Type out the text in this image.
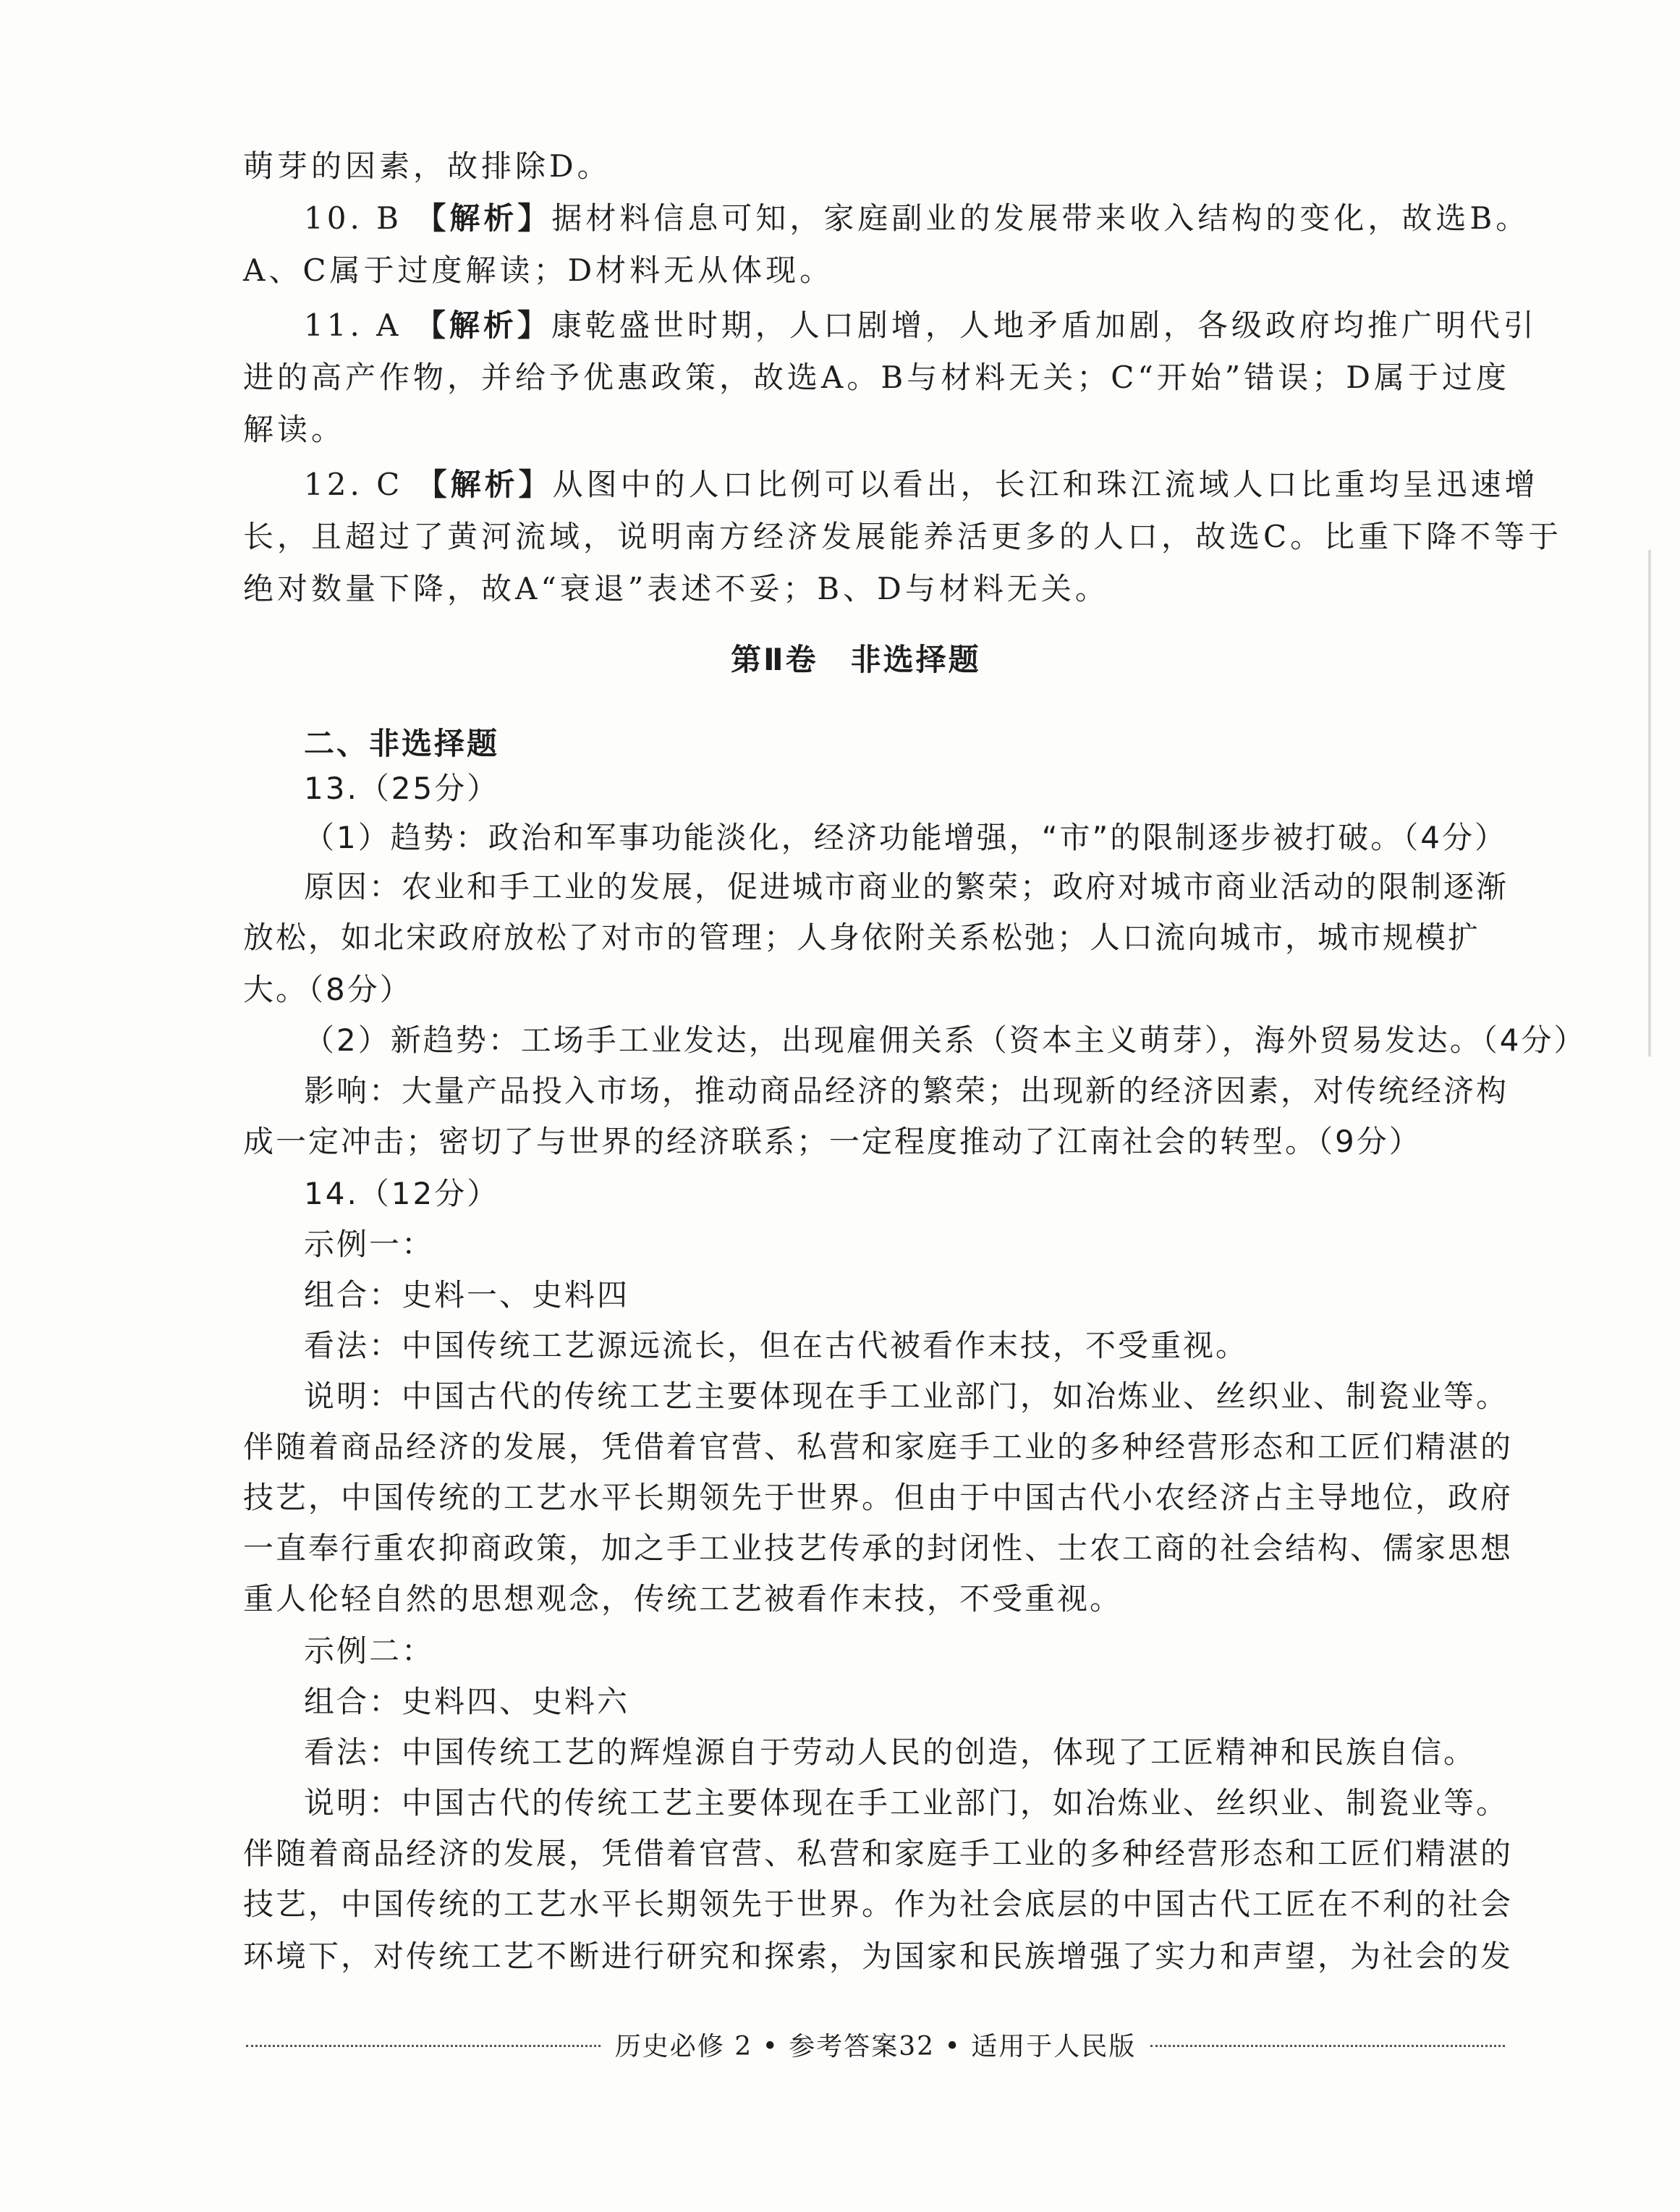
萌芽的因素，故排除D。
10. B 【解析】据材料信息可知，家庭副业的发展带来收入结构的变化，故选B。
A、C属于过度解读；D材料无从体现。
11. A 【解析】康乾盛世时期，人口剧增，人地矛盾加剧，各级政府均推广明代引
进的高产作物，并给予优惠政策，故选A。B与材料无关；C“开始”错误；D属于过度
解读。
12. C 【解析】从图中的人口比例可以看出，长江和珠江流域人口比重均呈迅速增
长，且超过了黄河流域，说明南方经济发展能养活更多的人口，故选C。比重下降不等于
绝对数量下降，故A“衰退”表述不妥；B、D与材料无关。
第Ⅱ卷　非选择题
二、非选择题
13.（25分）
（1）趋势：政治和军事功能淡化，经济功能增强，“市”的限制逐步被打破。（4分）
原因：农业和手工业的发展，促进城市商业的繁荣；政府对城市商业活动的限制逐渐
放松，如北宋政府放松了对市的管理；人身依附关系松弛；人口流向城市，城市规模扩
大。（8分）
（2）新趋势：工场手工业发达，出现雇佣关系（资本主义萌芽），海外贸易发达。（4分）
影响：大量产品投入市场，推动商品经济的繁荣；出现新的经济因素，对传统经济构
成一定冲击；密切了与世界的经济联系；一定程度推动了江南社会的转型。（9分）
14.（12分）
示例一：
组合：史料一、史料四
看法：中国传统工艺源远流长，但在古代被看作末技，不受重视。
说明：中国古代的传统工艺主要体现在手工业部门，如冶炼业、丝织业、制瓷业等。
伴随着商品经济的发展，凭借着官营、私营和家庭手工业的多种经营形态和工匠们精湛的
技艺，中国传统的工艺水平长期领先于世界。但由于中国古代小农经济占主导地位，政府
一直奉行重农抑商政策，加之手工业技艺传承的封闭性、士农工商的社会结构、儒家思想
重人伦轻自然的思想观念，传统工艺被看作末技，不受重视。
示例二：
组合：史料四、史料六
看法：中国传统工艺的辉煌源自于劳动人民的创造，体现了工匠精神和民族自信。
说明：中国古代的传统工艺主要体现在手工业部门，如冶炼业、丝织业、制瓷业等。
伴随着商品经济的发展，凭借着官营、私营和家庭手工业的多种经营形态和工匠们精湛的
技艺，中国传统的工艺水平长期领先于世界。作为社会底层的中国古代工匠在不利的社会
环境下，对传统工艺不断进行研究和探索，为国家和民族增强了实力和声望，为社会的发
历史必修 2 • 参考答案32 • 适用于人民版
